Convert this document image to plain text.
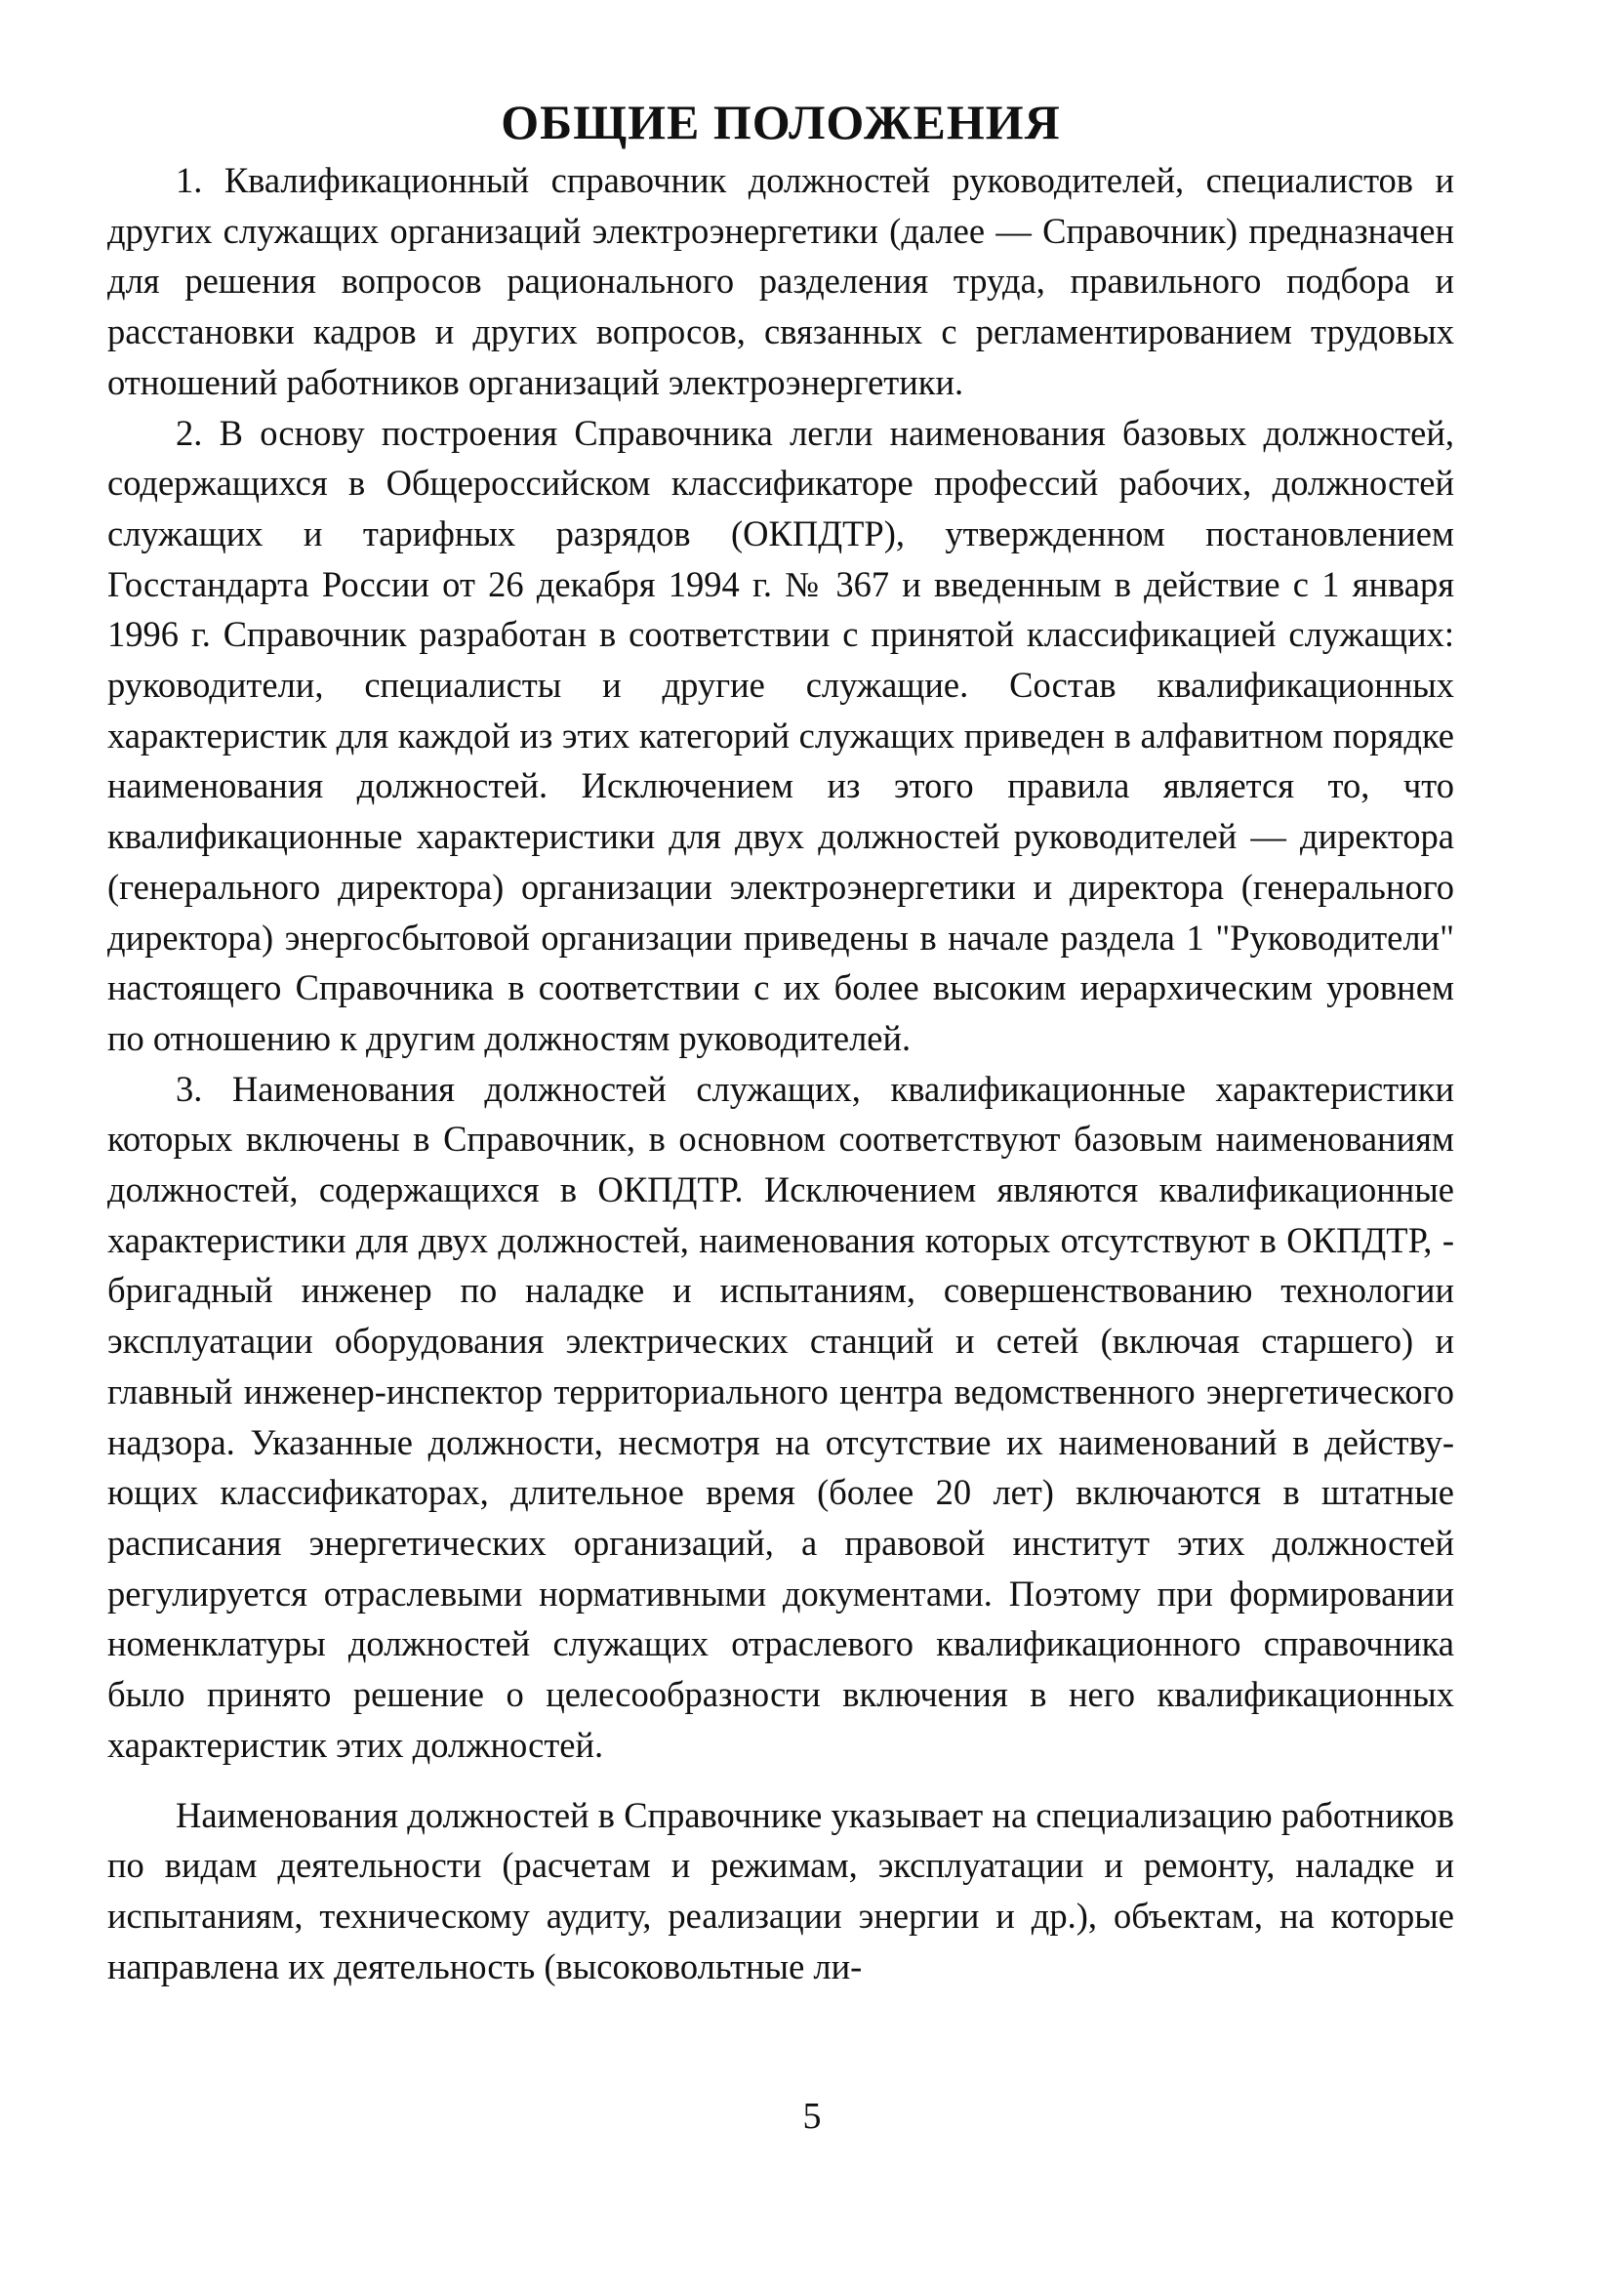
ОБЩИЕ ПОЛОЖЕНИЯ

1. Квалификационный справочник должностей руководителей, специалистов и других служащих организаций электроэнергетики (далее — Справочник) предназначен для решения вопросов рационального разделения труда, правильного подбора и расстановки кадров и других вопросов, связанных с регламентированием трудовых отношений работников организаций электроэнергетики.

2. В основу построения Справочника легли наименования базовых должностей, содержащихся в Общероссийском классификаторе профессий рабочих, должностей служащих и тарифных разрядов (ОКПДТР), утвержденном постановлением Госстандарта России от 26 декабря 1994 г. № 367 и введенным в действие с 1 января 1996 г. Справочник разработан в соответствии с принятой классификацией служащих: руководители, специалисты и другие служащие. Состав квалификационных характеристик для каждой из этих категорий служащих приведен в алфавитном порядке наименования должностей. Исключением из этого правила является то, что квалификационные характеристики для двух должностей руководителей — директора (генерального директора) организации электроэнергетики и директора (генерального директора) энергосбытовой организации приведены в начале раздела 1 "Руководители" настоящего Справочника в соответствии с их более высоким иерархическим уровнем по отношению к другим должностям руководителей.

3. Наименования должностей служащих, квалификационные характеристики которых включены в Справочник, в основном соответствуют базовым наименованиям должностей, содержащихся в ОКПДТР. Исключением являются квалификационные характеристики для двух должностей, наименования которых отсутствуют в ОКПДТР, - бригадный инженер по наладке и испытаниям, совершенствованию технологии эксплуатации оборудования электрических станций и сетей (включая старшего) и главный инженер-инспектор территориального центра ведомственного энергетического надзора. Указанные должности, несмотря на отсутствие их наименований в действующих классификаторах, длительное время (более 20 лет) включаются в штатные расписания энергетических организаций, а правовой институт этих должностей регулируется отраслевыми нормативными документами. Поэтому при формировании номенклатуры должностей служащих отраслевого квалификационного справочника было принято решение о целесообразности включения в него квалификационных характеристик этих должностей.

Наименования должностей в Справочнике указывает на специализацию работников по видам деятельности (расчетам и режимам, эксплуатации и ремонту, наладке и испытаниям, техническому аудиту, реализации энергии и др.), объектам, на которые направлена их деятельность (высоковольтные ли-

5
